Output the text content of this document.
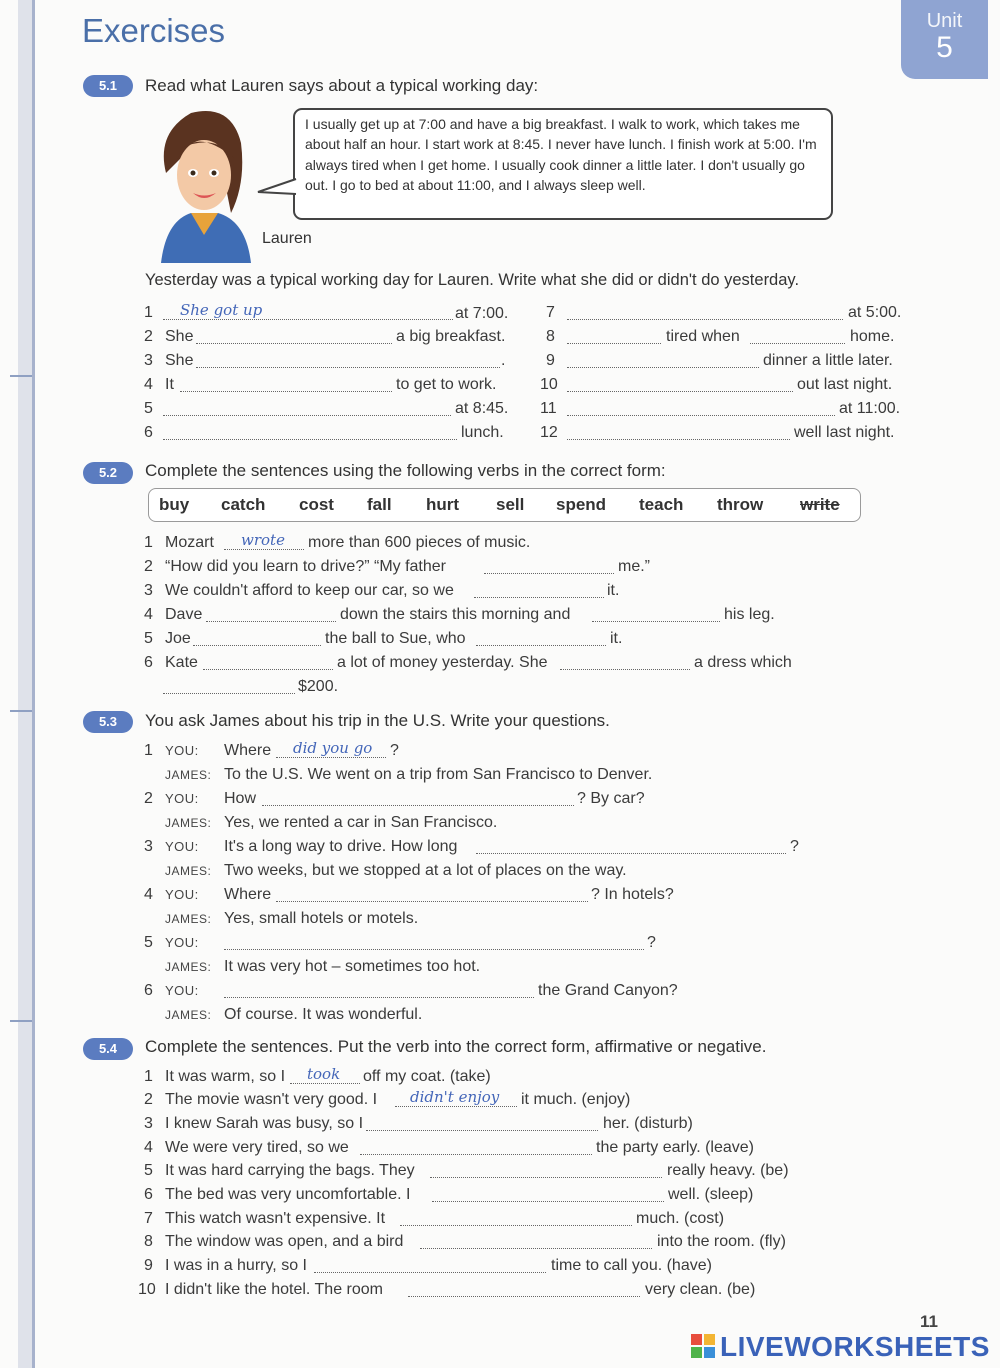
Exercises	Unit
5
5.1	Read what Lauren says about a typical working day:
I usually get up at 7:00 and have a big breakfast. I walk to work, which takes me about half an hour. I start work at 8:45. I never have lunch. I finish work at 5:00. I'm always tired when I get home. I usually cook dinner a little later. I don't usually go out. I go to bed at about 11:00, and I always sleep well.
Lauren
Yesterday was a typical working day for Lauren. Write what she did or didn't do yesterday.
1 She got up	at 7:00.
2 She	a big breakfast.
3 She	.
4 It	to get to work.
5	at 8:45.
6	lunch.
7	at 5:00.
8	tired when	home.
9	dinner a little later.
10	out last night.
11	at 11:00.
12	well last night.
5.2	Complete the sentences using the following verbs in the correct form:
buy catch cost fall hurt sell spend teach throw write
1 Mozart wrote more than 600 pieces of music.
2 “How did you learn to drive?” “My father	me.”
3 We couldn't afford to keep our car, so we	it.
4 Dave	down the stairs this morning and	his leg.
5 Joe	the ball to Sue, who	it.
6 Kate	a lot of money yesterday. She	a dress which
$200.
5.3	You ask James about his trip in the U.S. Write your questions.
1 YOU: Where did you go ?
JAMES: To the U.S. We went on a trip from San Francisco to Denver.
2 YOU: How	? By car?
JAMES: Yes, we rented a car in San Francisco.
3 YOU: It's a long way to drive. How long	?
JAMES: Two weeks, but we stopped at a lot of places on the way.
4 YOU: Where	? In hotels?
JAMES: Yes, small hotels or motels.
5 YOU:	?
JAMES: It was very hot – sometimes too hot.
6 YOU:	the Grand Canyon?
JAMES: Of course. It was wonderful.
5.4	Complete the sentences. Put the verb into the correct form, affirmative or negative.
1 It was warm, so I took off my coat. (take)
2 The movie wasn't very good. I didn't enjoy it much. (enjoy)
3 I knew Sarah was busy, so I	her. (disturb)
4 We were very tired, so we	the party early. (leave)
5 It was hard carrying the bags. They	really heavy. (be)
6 The bed was very uncomfortable. I	well. (sleep)
7 This watch wasn't expensive. It	much. (cost)
8 The window was open, and a bird	into the room. (fly)
9 I was in a hurry, so I	time to call you. (have)
10 I didn't like the hotel. The room	very clean. (be)
11
LIVEWORKSHEETS
